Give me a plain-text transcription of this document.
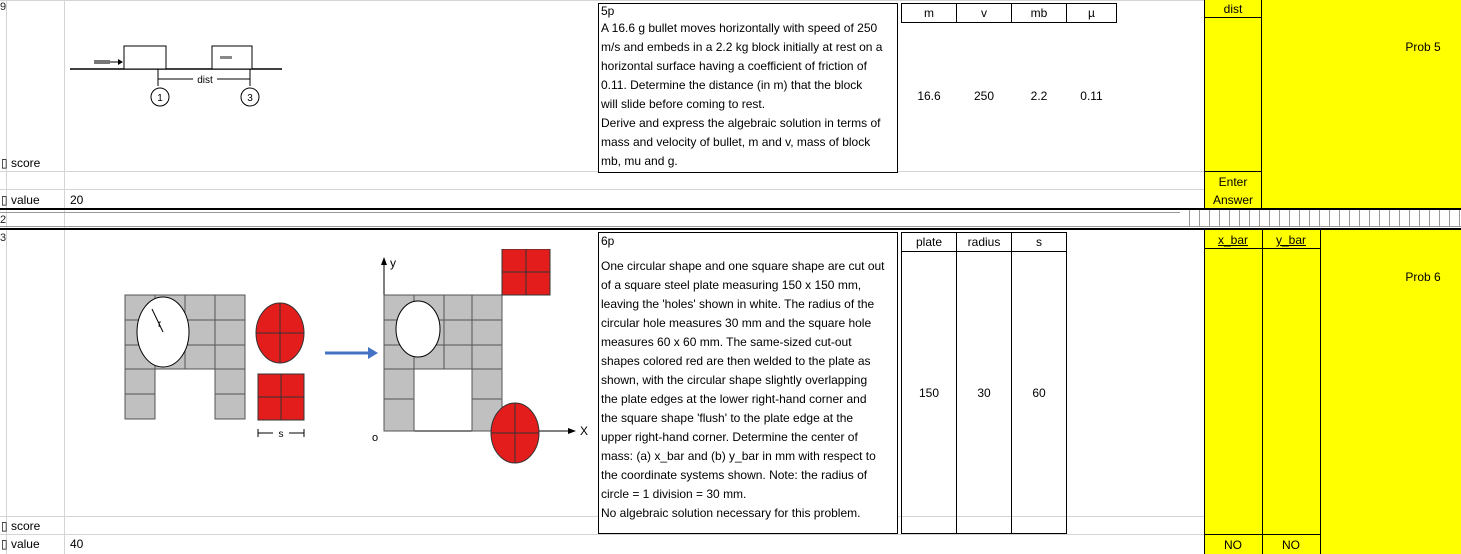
9
2
3
▯ score
▯ value	20
dist
1	3

5p

A 16.6 g bullet moves horizontally with speed of 250

m/s and embeds in a 2.2 kg block initially at rest on a

horizontal surface having a coefficient of friction of

0.11. Determine the distance (in m) that the block

will slide before coming to rest.

Derive and express the algebraic solution in terms of

mass and velocity of bullet, m and v, mass of block

mb, mu and g.

m	v	mb	µ
16.6	250	2.2	0.11
dist
Enter
Answer
Prob 5
▯ score
▯ value	40
r
s
y
X
o

6p

One circular shape and one square shape are cut out

of a square steel plate measuring 150 x 150 mm,

leaving the 'holes' shown in white. The radius of the

circular hole measures 30 mm and the square hole

measures 60 x 60 mm. The same-sized cut-out

shapes colored red are then welded to the plate as

shown, with the circular shape slightly overlapping

the plate edges at the lower right-hand corner and

the square shape 'flush' to the plate edge at the

upper right-hand corner. Determine the center of

mass: (a) x_bar and (b) y_bar in mm with respect to

the coordinate systems shown. Note: the radius of

circle = 1 division = 30 mm.

No algebraic solution necessary for this problem.

plate	radius	s
150	30	60
x_bar	y_bar
NO	NO
Prob 6
